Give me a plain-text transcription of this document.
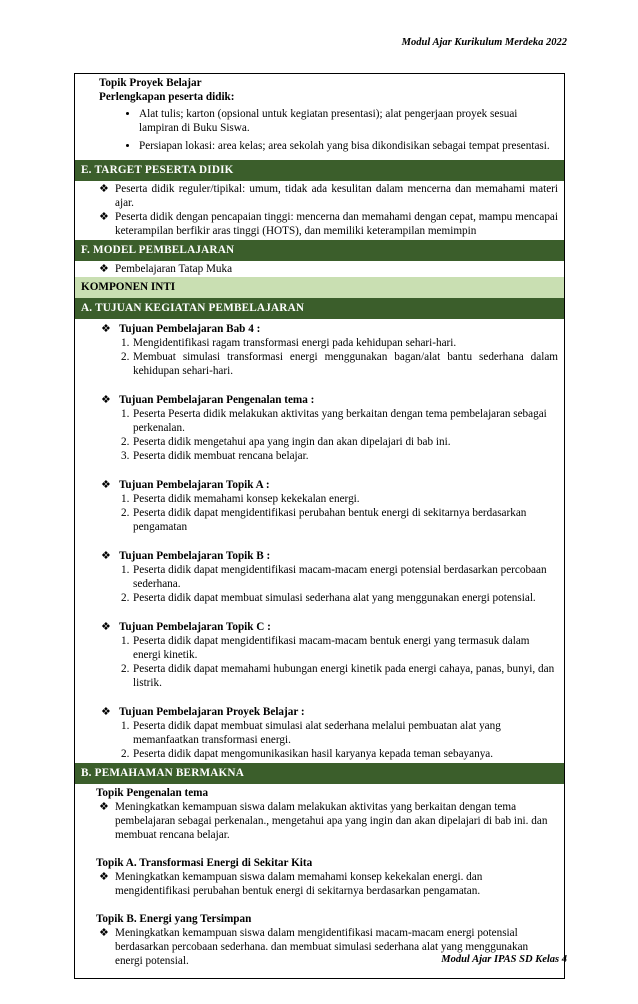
Modul Ajar Kurikulum Merdeka 2022
Topik Proyek Belajar
Perlengkapan peserta didik:
• Alat tulis; karton (opsional untuk kegiatan presentasi); alat pengerjaan proyek sesuai lampiran di Buku Siswa.
• Persiapan lokasi: area kelas; area sekolah yang bisa dikondisikan sebagai tempat presentasi.
E. TARGET PESERTA DIDIK
❖ Peserta didik reguler/tipikal: umum, tidak ada kesulitan dalam mencerna dan memahami materi ajar.
❖ Peserta didik dengan pencapaian tinggi: mencerna dan memahami dengan cepat, mampu mencapai keterampilan berfikir aras tinggi (HOTS), dan memiliki keterampilan memimpin
F. MODEL PEMBELAJARAN
❖ Pembelajaran Tatap Muka
KOMPONEN INTI
A. TUJUAN KEGIATAN PEMBELAJARAN
❖ Tujuan Pembelajaran Bab 4 :
1. Mengidentifikasi ragam transformasi energi pada kehidupan sehari-hari.
2. Membuat simulasi transformasi energi menggunakan bagan/alat bantu sederhana dalam kehidupan sehari-hari.
❖ Tujuan Pembelajaran Pengenalan tema :
1. Peserta Peserta didik melakukan aktivitas yang berkaitan dengan tema pembelajaran sebagai perkenalan.
2. Peserta didik mengetahui apa yang ingin dan akan dipelajari di bab ini.
3. Peserta didik membuat rencana belajar.
❖ Tujuan Pembelajaran Topik A :
1. Peserta didik memahami konsep kekekalan energi.
2. Peserta didik dapat mengidentifikasi perubahan bentuk energi di sekitarnya berdasarkan pengamatan
❖ Tujuan Pembelajaran Topik B :
1. Peserta didik dapat mengidentifikasi macam-macam energi potensial berdasarkan percobaan sederhana.
2. Peserta didik dapat membuat simulasi sederhana alat yang menggunakan energi potensial.
❖ Tujuan Pembelajaran Topik C :
1. Peserta didik dapat mengidentifikasi macam-macam bentuk energi yang termasuk dalam energi kinetik.
2. Peserta didik dapat memahami hubungan energi kinetik pada energi cahaya, panas, bunyi, dan listrik.
❖ Tujuan Pembelajaran Proyek Belajar :
1. Peserta didik dapat membuat simulasi alat sederhana melalui pembuatan alat yang memanfaatkan transformasi energi.
2. Peserta didik dapat mengomunikasikan hasil karyanya kepada teman sebayanya.
B. PEMAHAMAN BERMAKNA
Topik Pengenalan tema
❖ Meningkatkan kemampuan siswa dalam melakukan aktivitas yang berkaitan dengan tema pembelajaran sebagai perkenalan., mengetahui apa yang ingin dan akan dipelajari di bab ini. dan membuat rencana belajar.
Topik A. Transformasi Energi di Sekitar Kita
❖ Meningkatkan kemampuan siswa dalam memahami konsep kekekalan energi. dan mengidentifikasi perubahan bentuk energi di sekitarnya berdasarkan pengamatan.
Topik B. Energi yang Tersimpan
❖ Meningkatkan kemampuan siswa dalam mengidentifikasi macam-macam energi potensial berdasarkan percobaan sederhana. dan membuat simulasi sederhana alat yang menggunakan energi potensial.	Modul Ajar IPAS SD Kelas 4
